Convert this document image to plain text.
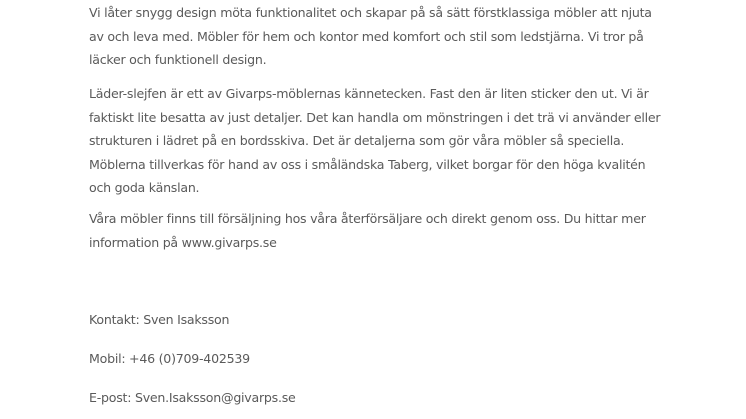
Vi låter snygg design möta funktionalitet och skapar på så sätt förstklassiga möbler att njuta av och leva med. Möbler för hem och kontor med komfort och stil som ledstjärna. Vi tror på läcker och funktionell design.

Läder-slejfen är ett av Givarps-möblernas kännetecken. Fast den är liten sticker den ut. Vi är faktiskt lite besatta av just detaljer. Det kan handla om mönstringen i det trä vi använder eller strukturen i lädret på en bordsskiva. Det är detaljerna som gör våra möbler så speciella. Möblerna tillverkas för hand av oss i småländska Taberg, vilket borgar för den höga kvalitén och goda känslan.

Våra möbler finns till försäljning hos våra återförsäljare och direkt genom oss. Du hittar mer information på www.givarps.se

Kontakt: Sven Isaksson

Mobil: +46 (0)709-402539

E-post: Sven.Isaksson@givarps.se
